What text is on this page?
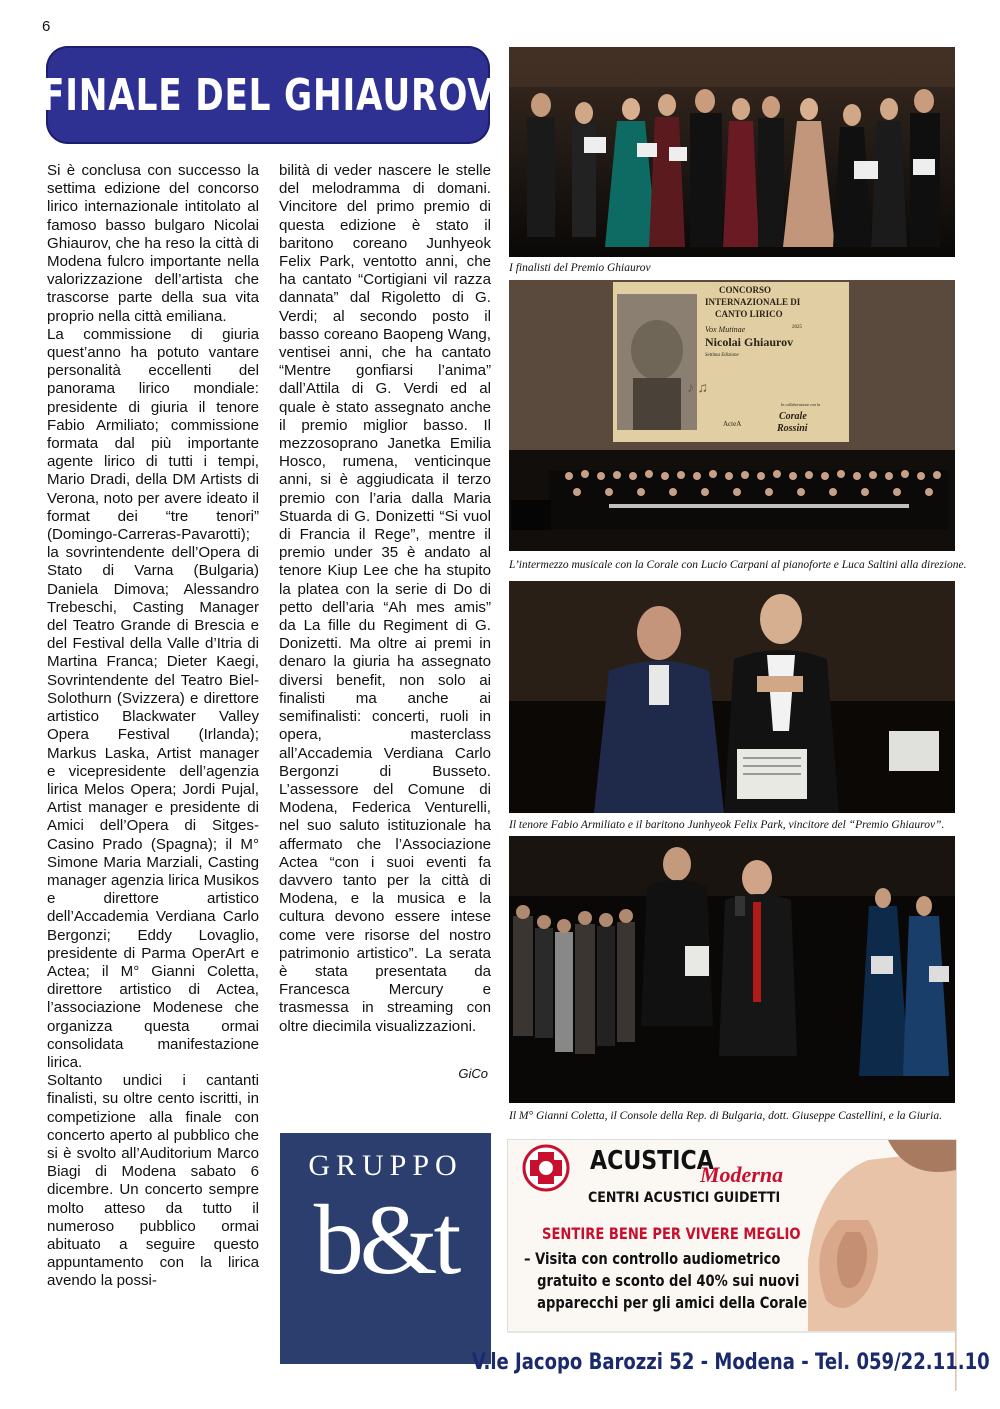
6
FINALE DEL GHIAUROV

Si è conclusa con successo la settima edizione del concorso lirico internazionale intitolato al famoso basso bulgaro Nicolai Ghiaurov, che ha reso la città di Modena fulcro importante nella valorizzazione dell’artista che trascorse parte della sua vita proprio nella città emiliana.

La commissione di giuria quest’anno ha potuto vantare personalità eccellenti del panorama lirico mondiale: presidente di giuria il tenore Fabio Armiliato; commissione formata dal più importante agente lirico di tutti i tempi, Mario Dradi, della DM Artists di Verona, noto per avere ideato il format dei “tre tenori” (Domingo-Carreras-Pavarotti); la sovrintendente dell’Opera di Stato di Varna (Bulgaria) Daniela Dimova; Alessandro Trebeschi, Casting Manager del Teatro Grande di Brescia e del Festival della Valle d’Itria di Martina Franca; Dieter Kaegi, Sovrintendente del Teatro Biel-Solothurn (Svizzera) e direttore artistico Blackwater Valley Opera Festival (Irlanda); Markus Laska, Artist manager e vicepresidente dell’agenzia lirica Melos Opera; Jordi Pujal, Artist manager e presidente di Amici dell’Opera di Sitges-Casino Prado (Spagna); il M° Simone Maria Marziali, Casting manager agenzia lirica Musikos e direttore artistico dell’Accademia Verdiana Carlo Bergonzi; Eddy Lovaglio, presidente di Parma OperArt e Actea; il M° Gianni Coletta, direttore artistico di Actea, l’associazione Modenese che organizza questa ormai consolidata manifestazione lirica.

Soltanto undici i cantanti finalisti, su oltre cento iscritti, in competizione alla finale con concerto aperto al pubblico che si è svolto all’Auditorium Marco Biagi di Modena sabato 6 dicembre. Un concerto sempre molto atteso da tutto il numeroso pubblico ormai abituato a seguire questo appuntamento con la lirica avendo la possi-

bilità di veder nascere le stelle del melodramma di domani. Vincitore del primo premio di questa edizione è stato il baritono coreano Junhyeok Felix Park, ventotto anni, che ha cantato “Cortigiani vil razza dannata” dal Rigoletto di G. Verdi; al secondo posto il basso coreano Baopeng Wang, ventisei anni, che ha cantato “Mentre gonfiarsi l’anima” dall’Attila di G. Verdi ed al quale è stato assegnato anche il premio miglior basso. Il mezzosoprano Janetka Emilia Hosco, rumena, venticinque anni, si è aggiudicata il terzo premio con l’aria dalla Maria Stuarda di G. Donizetti “Si vuol di Francia il Rege”, mentre il premio under 35 è andato al tenore Kiup Lee che ha stupito la platea con la serie di Do di petto dell’aria “Ah mes amis” da La fille du Regiment di G. Donizetti. Ma oltre ai premi in denaro la giuria ha assegnato diversi benefit, non solo ai finalisti ma anche ai semifinalisti: concerti, ruoli in opera, masterclass all’Accademia Verdiana Carlo Bergonzi di Busseto. L’assessore del Comune di Modena, Federica Venturelli, nel suo saluto istituzionale ha affermato che l’Associazione Actea “con i suoi eventi fa davvero tanto per la città di Modena, e la musica e la cultura devono essere intese come vere risorse del nostro patrimonio artistico”. La serata è stata presentata da Francesca Mercury e trasmessa in streaming con oltre diecimila visualizzazioni.

GiCo
I finalisti del Premio Ghiaurov
♪ ♫
CONCORSO
INTERNAZIONALE DI
CANTO LIRICO
2025
Vox Mutinae
Nicolai Ghiaurov
Settima Edizione
In collaborazione con la
Corale
Rossini
ActeA
L’intermezzo musicale con la Corale con Lucio Carpani al pianoforte e Luca Saltini alla direzione.
Il tenore Fabio Armiliato e il baritono Junhyeok Felix Park, vincitore del “Premio Ghiaurov”.
Il M° Gianni Coletta, il Console della Rep. di Bulgaria, dott. Giuseppe Castellini, e la Giuria.
GRUPPO
b&t
www.gruppobt.com
ACUSTICA
Moderna
CENTRI ACUSTICI GUIDETTI
SENTIRE BENE PER VIVERE MEGLIO
– Visita con controllo audiometrico
gratuito e sconto del 40% sui nuovi
apparecchi per gli amici della Corale
V.le Jacopo Barozzi 52 - Modena - Tel. 059/22.11.10
